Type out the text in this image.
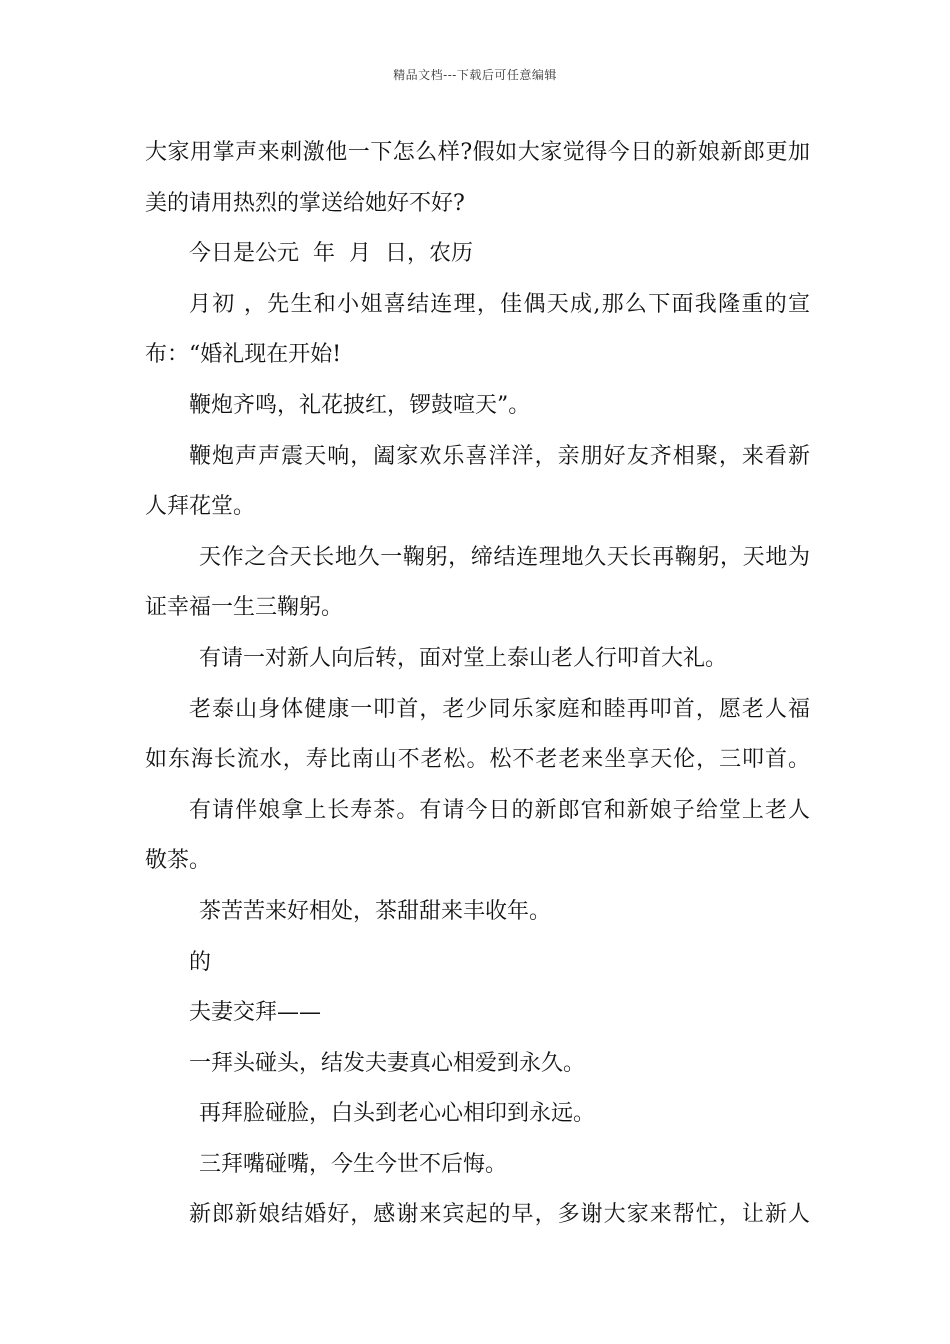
精品文档---下载后可任意编辑
大家用掌声来刺激他一下怎么样?假如大家觉得今日的新娘新郎更加
美的请用热烈的掌送给她好不好?
今日是公元  年  月  日，农历
月初 ，先生和小姐喜结连理，佳偶天成,那么下面我隆重的宣
布：“婚礼现在开始!
鞭炮齐鸣，礼花披红，锣鼓喧天”。
鞭炮声声震天响，阖家欢乐喜洋洋，亲朋好友齐相聚，来看新
人拜花堂。
天作之合天长地久一鞠躬，缔结连理地久天长再鞠躬，天地为
证幸福一生三鞠躬。
有请一对新人向后转，面对堂上泰山老人行叩首大礼。
老泰山身体健康一叩首，老少同乐家庭和睦再叩首，愿老人福
如东海长流水，寿比南山不老松。松不老老来坐享天伦，三叩首。
有请伴娘拿上长寿茶。有请今日的新郎官和新娘子给堂上老人
敬茶。
茶苦苦来好相处，茶甜甜来丰收年。
的
夫妻交拜——
一拜头碰头，结发夫妻真心相爱到永久。
再拜脸碰脸，白头到老心心相印到永远。
三拜嘴碰嘴，今生今世不后悔。
新郎新娘结婚好，感谢来宾起的早，多谢大家来帮忙，让新人
